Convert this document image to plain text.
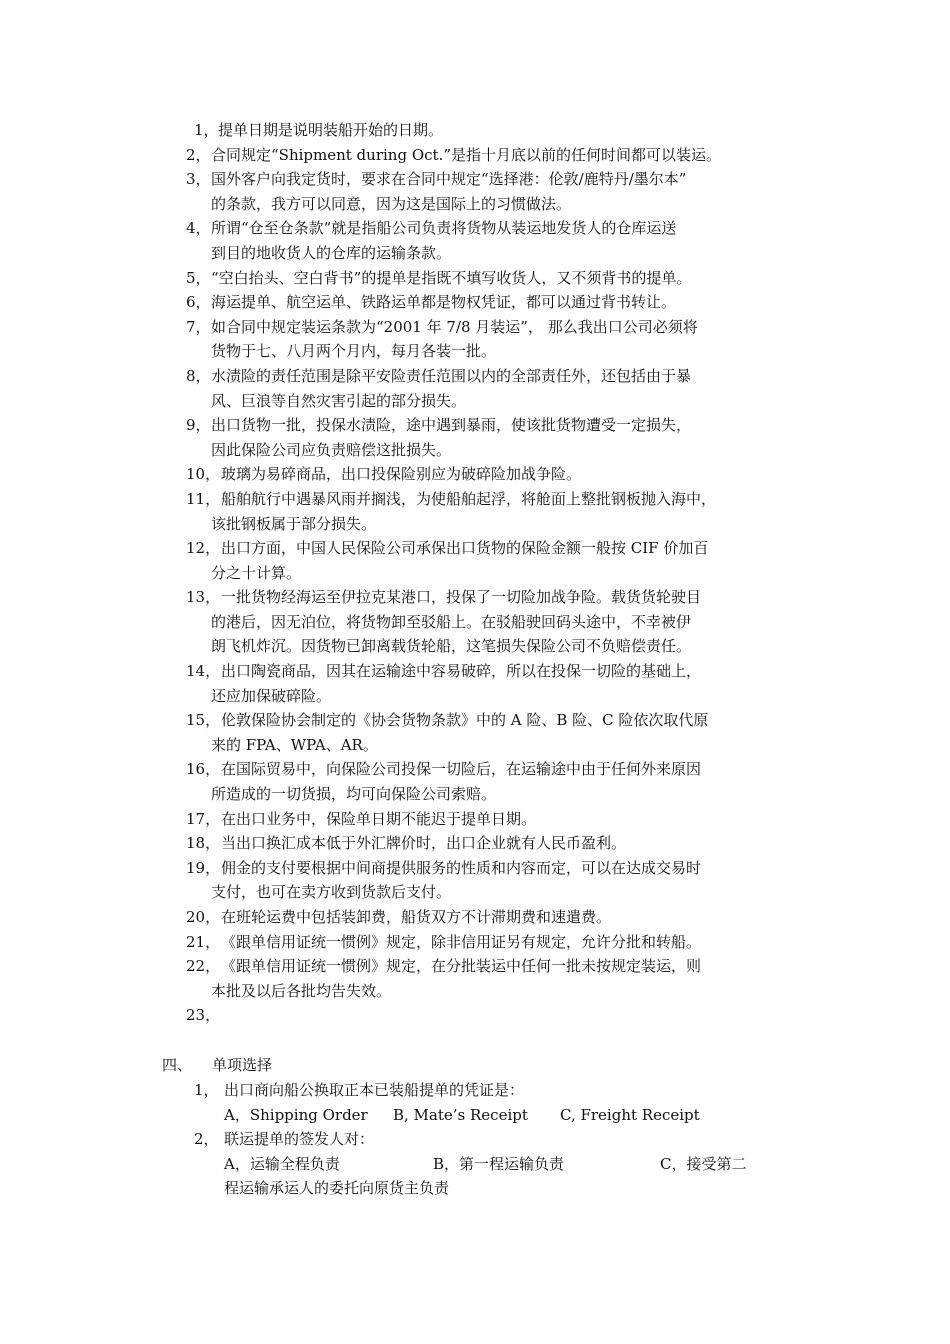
1， 提单日期是说明装船开始的日期。
2， 合同规定“Shipment during Oct.”是指十月底以前的任何时间都可以装运。
3， 国外客户向我定货时，要求在合同中规定“选择港：伦敦/鹿特丹/墨尔本”
的条款，我方可以同意，因为这是国际上的习惯做法。
4， 所谓“仓至仓条款”就是指船公司负责将货物从装运地发货人的仓库运送
到目的地收货人的仓库的运输条款。
5， “空白抬头、空白背书”的提单是指既不填写收货人，又不须背书的提单。
6， 海运提单、航空运单、铁路运单都是物权凭证，都可以通过背书转让。
7， 如合同中规定装运条款为“2001 年 7/8 月装运”， 那么我出口公司必须将
货物于七、八月两个月内，每月各装一批。
8， 水渍险的责任范围是除平安险责任范围以内的全部责任外，还包括由于暴
风、巨浪等自然灾害引起的部分损失。
9， 出口货物一批，投保水渍险，途中遇到暴雨，使该批货物遭受一定损失，
因此保险公司应负责赔偿这批损失。
10， 玻璃为易碎商品，出口投保险别应为破碎险加战争险。
11， 船舶航行中遇暴风雨并搁浅，为使船舶起浮，将舱面上整批钢板抛入海中，
该批钢板属于部分损失。
12， 出口方面，中国人民保险公司承保出口货物的保险金额一般按 CIF 价加百
分之十计算。
13， 一批货物经海运至伊拉克某港口，投保了一切险加战争险。载货货轮驶目
的港后，因无泊位，将货物卸至驳船上。在驳船驶回码头途中，不幸被伊
朗飞机炸沉。因货物已卸离载货轮船，这笔损失保险公司不负赔偿责任。
14， 出口陶瓷商品，因其在运输途中容易破碎，所以在投保一切险的基础上，
还应加保破碎险。
15， 伦敦保险协会制定的《协会货物条款》中的 A 险、B 险、C 险依次取代原
来的 FPA、WPA、AR。
16， 在国际贸易中，向保险公司投保一切险后，在运输途中由于任何外来原因
所造成的一切货损，均可向保险公司索赔。
17， 在出口业务中，保险单日期不能迟于提单日期。
18， 当出口换汇成本低于外汇牌价时，出口企业就有人民币盈利。
19， 佣金的支付要根据中间商提供服务的性质和内容而定，可以在达成交易时
支付，也可在卖方收到货款后支付。
20， 在班轮运费中包括装卸费，船货双方不计滞期费和速遣费。
21， 《跟单信用证统一惯例》规定，除非信用证另有规定，允许分批和转船。
22， 《跟单信用证统一惯例》规定，在分批装运中任何一批未按规定装运，则
本批及以后各批均告失效。
23，
四、 单项选择
1， 出口商向船公换取正本已装船提单的凭证是：
A，Shipping Order B, Mate’s Receipt C, Freight Receipt
2， 联运提单的签发人对：
A，运输全程负责	B，第一程运输负责	C，接受第二
程运输承运人的委托向原货主负责
